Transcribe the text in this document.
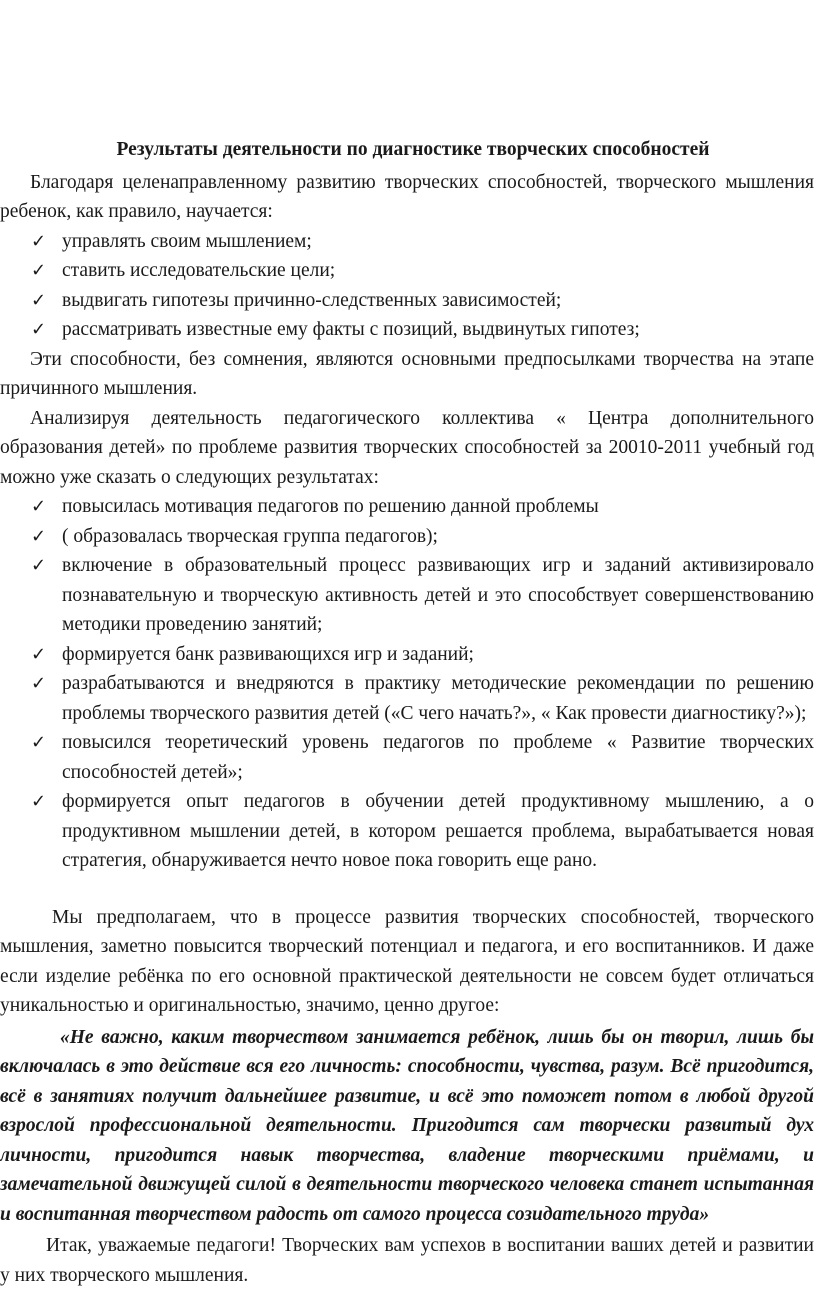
Результаты деятельности по диагностике творческих способностей

Благодаря целенаправленному развитию творческих способностей, творческого мышления ребенок, как правило, научается:

✓ управлять своим мышлением;
✓ ставить исследовательские цели;
✓ выдвигать гипотезы причинно-следственных зависимостей;
✓ рассматривать известные ему факты с позиций, выдвинутых гипотез;

Эти способности, без сомнения, являются основными предпосылками творчества на этапе причинного мышления.

Анализируя деятельность педагогического коллектива « Центра дополнительного образования детей» по проблеме развития творческих способностей за 20010-2011 учебный год можно уже сказать о следующих результатах:

✓ повысилась мотивация педагогов по решению данной проблемы
✓ ( образовалась творческая группа педагогов);
✓ включение в образовательный процесс развивающих игр и заданий активизировало познавательную и творческую активность детей и это способствует совершенствованию методики проведению занятий;
✓ формируется банк развивающихся игр и заданий;
✓ разрабатываются и внедряются в практику методические рекомендации по решению проблемы творческого развития детей («С чего начать?», « Как провести диагностику?»);
✓ повысился теоретический уровень педагогов по проблеме « Развитие творческих способностей детей»;
✓ формируется опыт педагогов в обучении детей продуктивному мышлению, а о продуктивном мышлении детей, в котором решается проблема, вырабатывается новая стратегия, обнаруживается нечто новое пока говорить еще рано.

Мы предполагаем, что в процессе развития творческих способностей, творческого мышления, заметно повысится творческий потенциал и педагога, и его воспитанников. И даже если изделие ребёнка по его основной практической деятельности не совсем будет отличаться уникальностью и оригинальностью, значимо, ценно другое:

«Не важно, каким творчеством занимается ребёнок, лишь бы он творил, лишь бы включалась в это действие вся его личность: способности, чувства, разум. Всё пригодится, всё в занятиях получит дальнейшее развитие, и всё это поможет потом в любой другой взрослой профессиональной деятельности. Пригодится сам творчески развитый дух личности, пригодится навык творчества, владение творческими приёмами, и замечательной движущей силой в деятельности творческого человека станет испытанная и воспитанная творчеством радость от самого процесса созидательного труда»

Итак, уважаемые педагоги! Творческих вам успехов в воспитании ваших детей и развитии у них творческого мышления.
